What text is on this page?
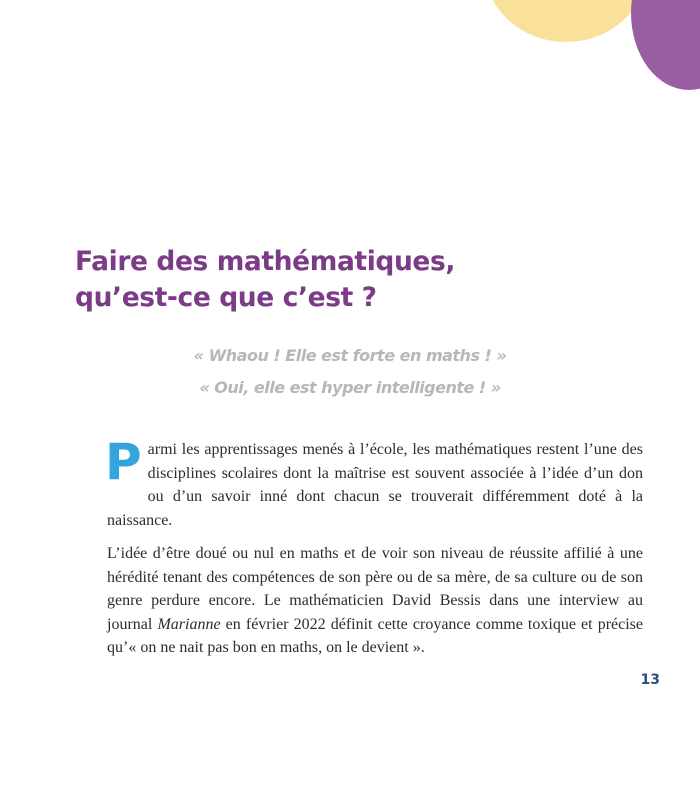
Faire des mathématiques,
qu’est-ce que c’est ?
« Whaou ! Elle est forte en maths ! »
« Oui, elle est hyper intelligente ! »

Parmi les apprentissages menés à l’école, les mathématiques restent l’une des disciplines scolaires dont la maîtrise est souvent associée à l’idée d’un don ou d’un savoir inné dont chacun se trouverait différemment doté à la naissance.

L’idée d’être doué ou nul en maths et de voir son niveau de réussite affilié à une hérédité tenant des compétences de son père ou de sa mère, de sa culture ou de son genre perdure encore. Le mathématicien David Bessis dans une interview au journal Marianne en février 2022 définit cette croyance comme toxique et précise qu’« on ne nait pas bon en maths, on le devient ».

13
